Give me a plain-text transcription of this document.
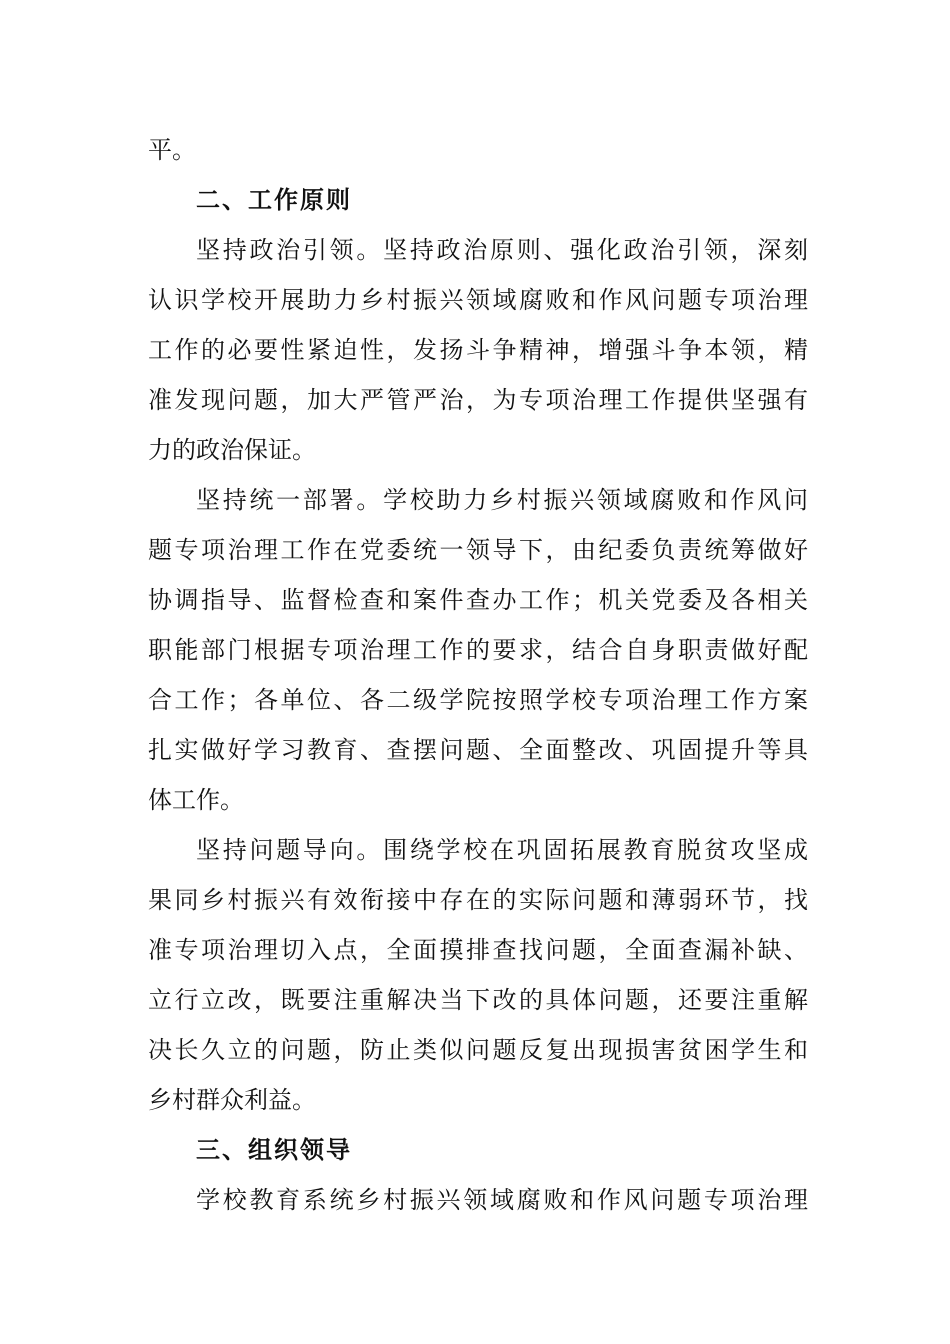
平。
二、工作原则
坚持政治引领。坚持政治原则、强化政治引领，深刻
认识学校开展助力乡村振兴领域腐败和作风问题专项治理
工作的必要性紧迫性，发扬斗争精神，增强斗争本领，精
准发现问题，加大严管严治，为专项治理工作提供坚强有
力的政治保证。
坚持统一部署。学校助力乡村振兴领域腐败和作风问
题专项治理工作在党委统一领导下，由纪委负责统筹做好
协调指导、监督检查和案件查办工作；机关党委及各相关
职能部门根据专项治理工作的要求，结合自身职责做好配
合工作；各单位、各二级学院按照学校专项治理工作方案
扎实做好学习教育、查摆问题、全面整改、巩固提升等具
体工作。
坚持问题导向。围绕学校在巩固拓展教育脱贫攻坚成
果同乡村振兴有效衔接中存在的实际问题和薄弱环节，找
准专项治理切入点，全面摸排查找问题，全面查漏补缺、
立行立改，既要注重解决当下改的具体问题，还要注重解
决长久立的问题，防止类似问题反复出现损害贫困学生和
乡村群众利益。
三、组织领导
学校教育系统乡村振兴领域腐败和作风问题专项治理
